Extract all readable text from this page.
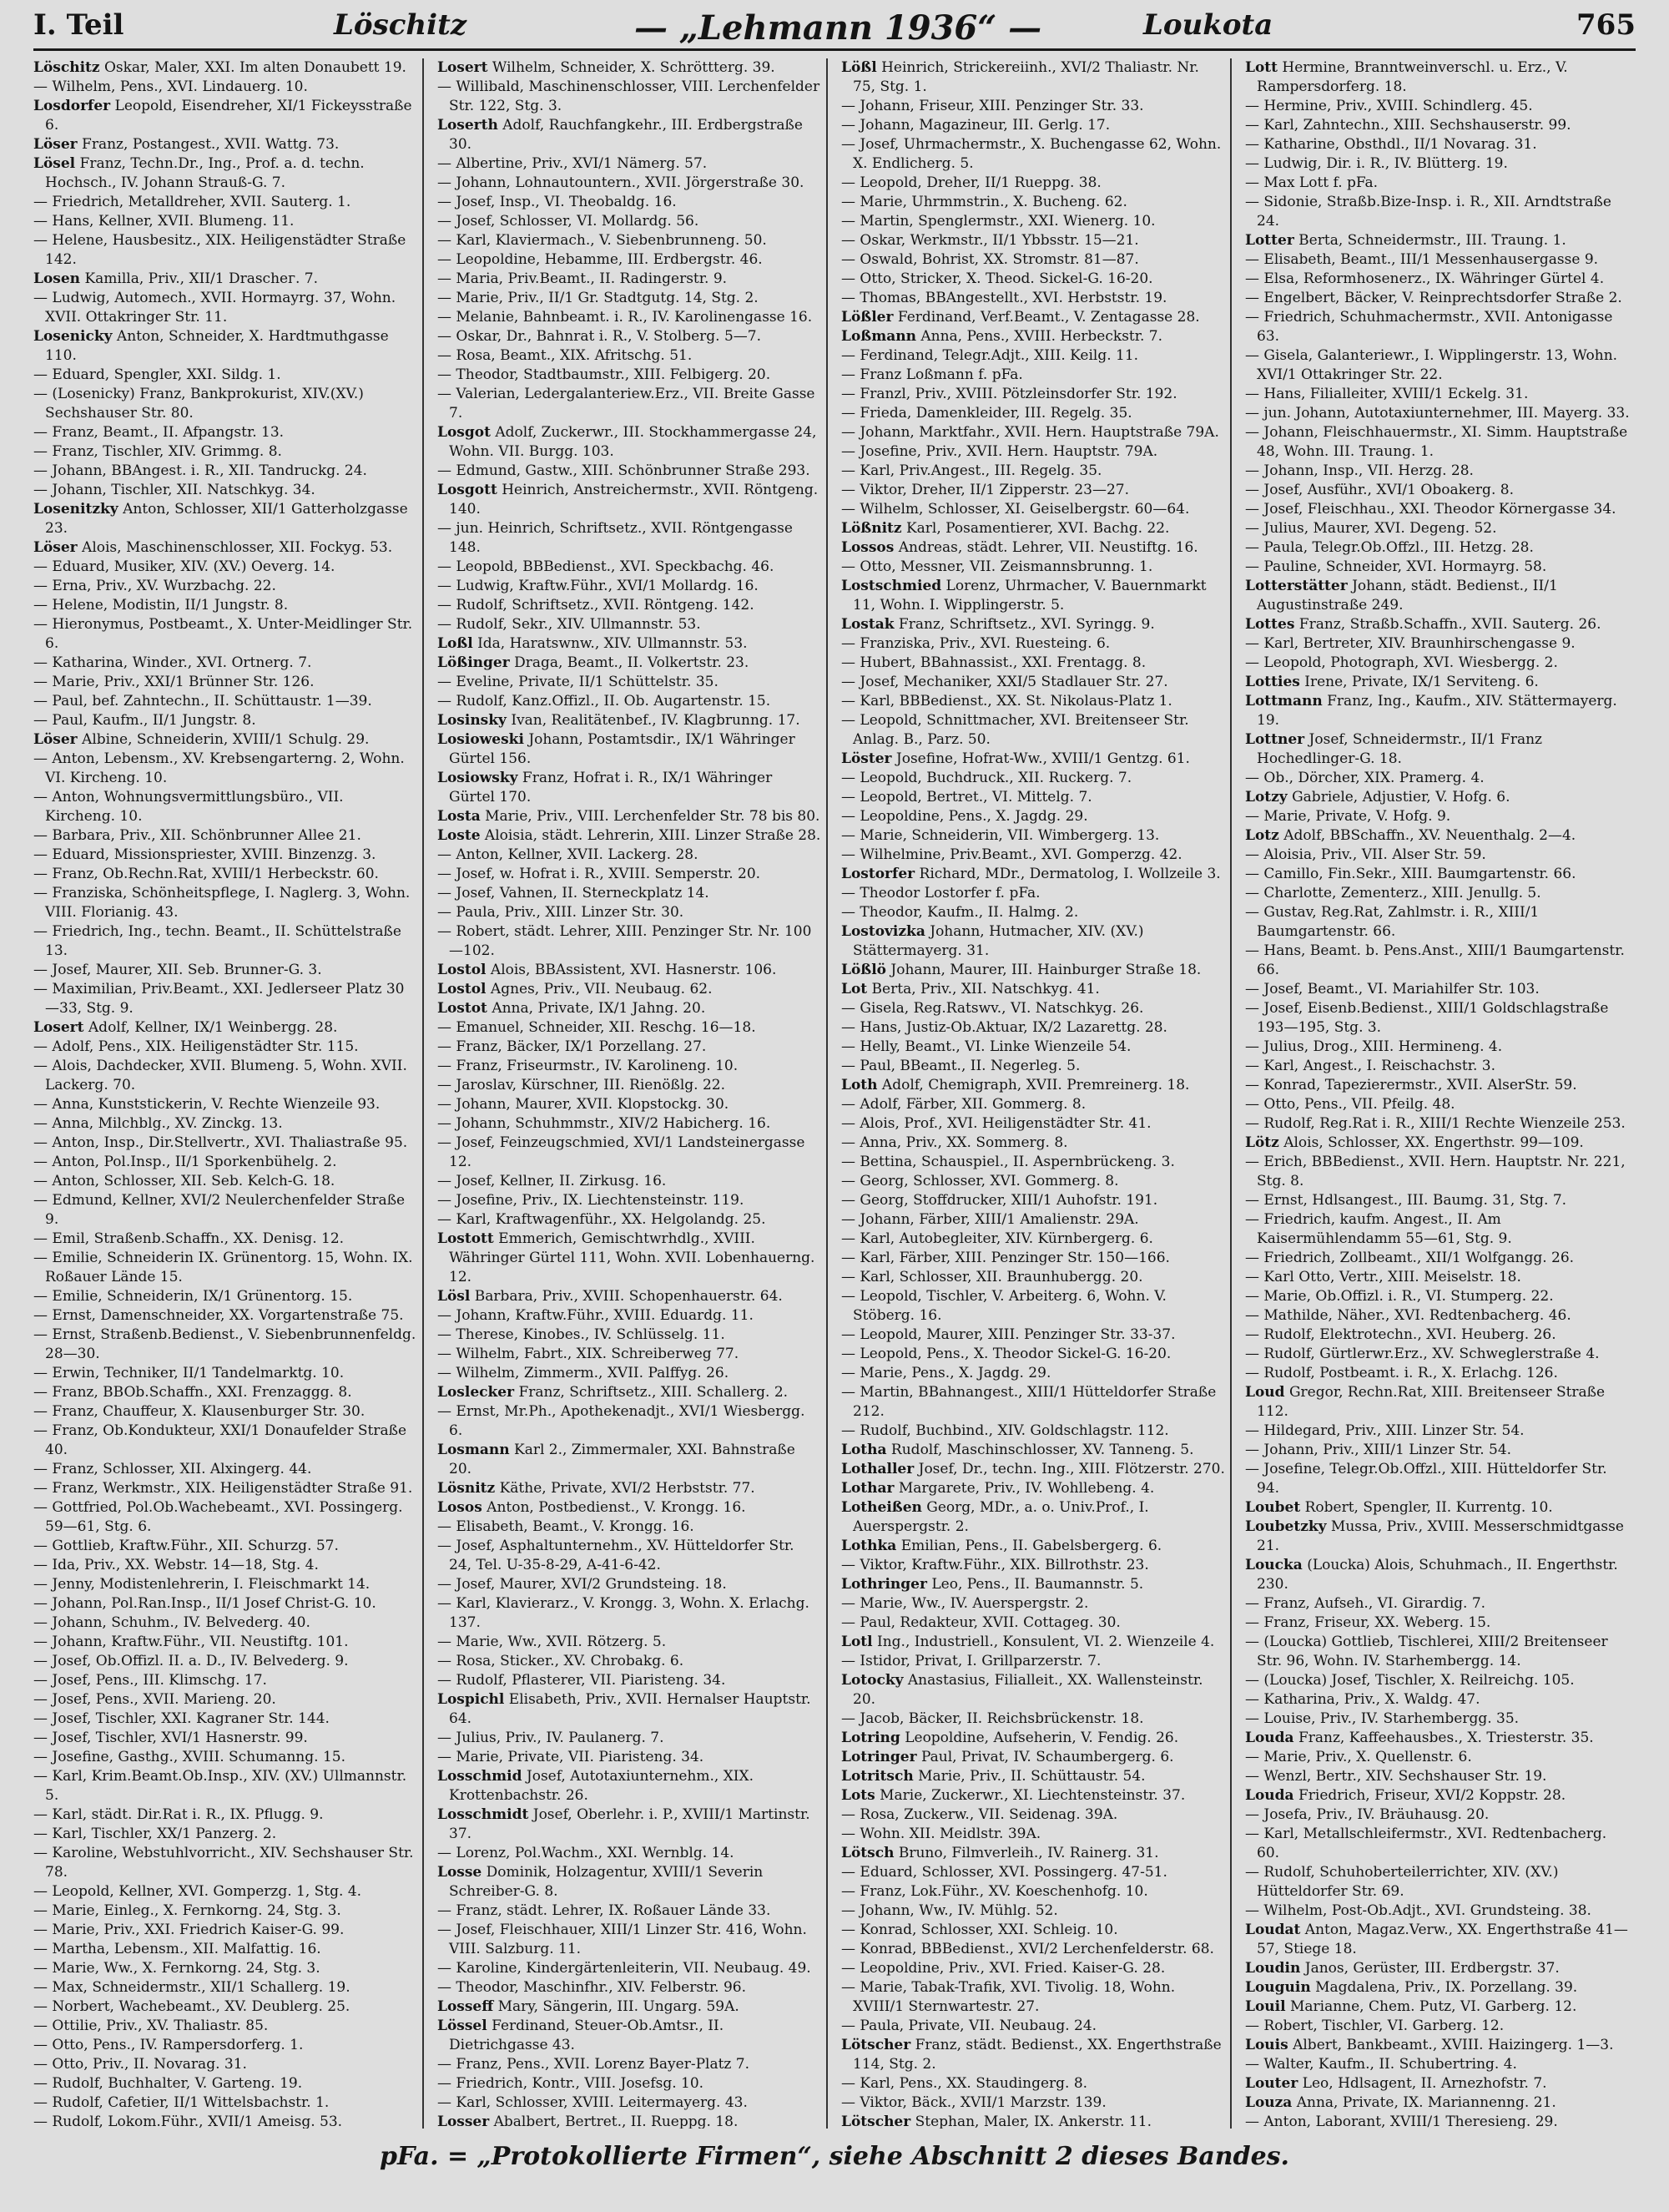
I. Teil	Löschitz	— „Lehmann 1936“ —	Loukota	765

Löschitz Oskar, Maler, XXI. Im alten Donaubett 19.

— Wilhelm, Pens., XVI. Lindauerg. 10.

Losdorfer Leopold, Eisendreher, XI/1 Fickeysstraße 6.

Löser Franz, Postangest., XVII. Wattg. 73.

Lösel Franz, Techn.Dr., Ing., Prof. a. d. techn. Hochsch., IV. Johann Strauß-G. 7.

— Friedrich, Metalldreher, XVII. Sauterg. 1.

— Hans, Kellner, XVII. Blumeng. 11.

— Helene, Hausbesitz., XIX. Heiligenstädter Straße 142.

Losen Kamilla, Priv., XII/1 Draschег. 7.

— Ludwig, Automech., XVII. Hormayrg. 37, Wohn. XVII. Ottakringer Str. 11.

Losenicky Anton, Schneider, X. Hardtmuthgasse 110.

— Eduard, Spengler, XXI. Sildg. 1.

— (Losenicky) Franz, Bankprokurist, XIV.(XV.) Sechshauser Str. 80.

— Franz, Beamt., II. Afpangstr. 13.

— Franz, Tischler, XIV. Grimmg. 8.

— Johann, BBAngest. i. R., XII. Tandruckg. 24.

— Johann, Tischler, XII. Natschkyg. 34.

Losenitzky Anton, Schlosser, XII/1 Gatterholzgasse 23.

Löser Alois, Maschinenschlosser, XII. Fockyg. 53.

— Eduard, Musiker, XIV. (XV.) Oeverg. 14.

— Erna, Priv., XV. Wurzbachg. 22.

— Helene, Modistin, II/1 Jungstr. 8.

— Hieronymus, Postbeamt., X. Unter-Meidlinger Str. 6.

— Katharina, Winder., XVI. Ortnerg. 7.

— Marie, Priv., XXI/1 Brünner Str. 126.

— Paul, bef. Zahntechn., II. Schüttaustr. 1—39.

— Paul, Kaufm., II/1 Jungstr. 8.

Löser Albine, Schneiderin, XVIII/1 Schulg. 29.

— Anton, Lebensm., XV. Krebsengarterng. 2, Wohn. VI. Kirchеng. 10.

— Anton, Wohnungsvermittlungsbüro., VII. Kircheng. 10.

— Barbara, Priv., XII. Schönbrunner Allee 21.

— Eduard, Missionspriester, XVIII. Binzenzg. 3.

— Franz, Ob.Rechn.Rat, XVIII/1 Herbeckstr. 60.

— Franziska, Schönheitspflege, I. Naglerg. 3, Wohn. VIII. Florianig. 43.

— Friedrich, Ing., techn. Beamt., II. Schüttelstraße 13.

— Josef, Maurer, XII. Seb. Brunner-G. 3.

— Maximilian, Priv.Beamt., XXI. Jedlerseer Platz 30—33, Stg. 9.

Losert Adolf, Kellner, IX/1 Weinbergg. 28.

— Adolf, Pens., XIX. Heiligenstädter Str. 115.

— Alois, Dachdecker, XVII. Blumeng. 5, Wohn. XVII. Lackerg. 70.

— Anna, Kunststickerin, V. Rechte Wienzeile 93.

— Anna, Milchblg., XV. Zinckg. 13.

— Anton, Insp., Dir.Stellvertr., XVI. Thaliastraße 95.

— Anton, Pol.Insp., II/1 Sporkenbühelg. 2.

— Anton, Schlosser, XII. Seb. Kelch-G. 18.

— Edmund, Kellner, XVI/2 Neulerchenfelder Straße 9.

— Emil, Straßenb.Schaffn., XX. Denisg. 12.

— Emilie, Schneiderin IX. Grünentorg. 15, Wohn. IX. Roßauer Lände 15.

— Emilie, Schneiderin, IX/1 Grünentorg. 15.

— Ernst, Damenschneider, XX. Vorgartenstraße 75.

— Ernst, Straßenb.Bedienst., V. Siebenbrunnenfeldg. 28—30.

— Erwin, Techniker, II/1 Tandelmarktg. 10.

— Franz, BBOb.Schaffn., XXI. Frenzaggg. 8.

— Franz, Chauffeur, X. Klausenburger Str. 30.

— Franz, Ob.Kondukteur, XXI/1 Donaufelder Straße 40.

— Franz, Schlosser, XII. Alxingerg. 44.

— Franz, Werkmstr., XIX. Heiligenstädter Straße 91.

— Gottfried, Pol.Ob.Wachebeamt., XVI. Possingerg. 59—61, Stg. 6.

— Gottlieb, Kraftw.Führ., XII. Schurzg. 57.

— Ida, Priv., XX. Webstr. 14—18, Stg. 4.

— Jenny, Modistenlehrerin, I. Fleischmarkt 14.

— Johann, Pol.Ran.Insp., II/1 Josef Christ-G. 10.

— Johann, Schuhm., IV. Belvederg. 40.

— Johann, Kraftw.Führ., VII. Neustiftg. 101.

— Josef, Ob.Offizl. II. a. D., IV. Belvederg. 9.

— Josef, Pens., III. Klimschg. 17.

— Josef, Pens., XVII. Marieng. 20.

— Josef, Tischler, XXI. Kagraner Str. 144.

— Josef, Tischler, XVI/1 Hasnerstr. 99.

— Josefine, Gasthg., XVIII. Schumanng. 15.

— Karl, Krim.Beamt.Ob.Insp., XIV. (XV.) Ullmannstr. 5.

— Karl, städt. Dir.Rat i. R., IX. Pflugg. 9.

— Karl, Tischler, XX/1 Panzerg. 2.

— Karoline, Webstuhlvorricht., XIV. Sechshauser Str. 78.

— Leopold, Kellner, XVI. Gomperzg. 1, Stg. 4.

— Marie, Einleg., X. Fernkorng. 24, Stg. 3.

— Marie, Priv., XXI. Friedrich Kaiser-G. 99.

— Martha, Lebensm., XII. Malfattig. 16.

— Marie, Ww., X. Fernkorng. 24, Stg. 3.

— Max, Schneidermstr., XII/1 Schallerg. 19.

— Norbert, Wachebeamt., XV. Deublerg. 25.

— Ottilie, Priv., XV. Thaliastr. 85.

— Otto, Pens., IV. Rampersdorferg. 1.

— Otto, Priv., II. Novarag. 31.

— Rudolf, Buchhalter, V. Garteng. 19.

— Rudolf, Cafetier, II/1 Wittelsbachstr. 1.

— Rudolf, Lokom.Führ., XVII/1 Ameisg. 53.

Losert Wilhelm, Schneider, X. Schröttterg. 39.

— Willibald, Maschinenschlosser, VIII. Lerchenfelder Str. 122, Stg. 3.

Loserth Adolf, Rauchfangkehr., III. Erdbergstraße 30.

— Albertine, Priv., XVI/1 Nämerg. 57.

— Johann, Lohnautountern., XVII. Jörgerstraße 30.

— Josef, Insp., VI. Theobaldg. 16.

— Josef, Schlosser, VI. Mollardg. 56.

— Karl, Klaviermach., V. Siebenbrunneng. 50.

— Leopoldine, Hebamme, III. Erdbergstr. 46.

— Maria, Priv.Beamt., II. Radingerstr. 9.

— Marie, Priv., II/1 Gr. Stadtgutg. 14, Stg. 2.

— Melanie, Bahnbeamt. i. R., IV. Karolinengasse 16.

— Oskar, Dr., Bahnrat i. R., V. Stolberg. 5—7.

— Rosa, Beamt., XIX. Afritschg. 51.

— Theodor, Stadtbaumstr., XIII. Felbigerg. 20.

— Valerian, Ledergalanteriew.Erz., VII. Breite Gasse 7.

Losgot Adolf, Zuckerwr., III. Stockhammergasse 24, Wohn. VII. Burgg. 103.

— Edmund, Gastw., XIII. Schönbrunner Straße 293.

Losgott Heinrich, Anstreichermstr., XVII. Röntgeng. 140.

— jun. Heinrich, Schriftsetz., XVII. Röntgengasse 148.

— Leopold, BBBedienst., XVI. Speckbachg. 46.

— Ludwig, Kraftw.Führ., XVI/1 Mollardg. 16.

— Rudolf, Schriftsetz., XVII. Röntgeng. 142.

— Rudolf, Sekr., XIV. Ullmannstr. 53.

Loßl Ida, Haratswnw., XIV. Ullmannstr. 53.

Lößinger Draga, Beamt., II. Volkertstr. 23.

— Eveline, Private, II/1 Schüttelstr. 35.

— Rudolf, Kanz.Offizl., II. Ob. Augartenstr. 15.

Losinsky Ivan, Realitätenbef., IV. Klagbrunng. 17.

Losioweski Johann, Postamtsdir., IX/1 Währinger Gürtel 156.

Losiowsky Franz, Hofrat i. R., IX/1 Währinger Gürtel 170.

Losta Marie, Priv., VIII. Lerchenfelder Str. 78 bis 80.

Loste Aloisia, städt. Lehrerin, XIII. Linzer Straße 28.

— Anton, Kellner, XVII. Lackerg. 28.

— Josef, w. Hofrat i. R., XVIII. Semperstr. 20.

— Josef, Vahnen, II. Sterneckplatz 14.

— Paula, Priv., XIII. Linzer Str. 30.

— Robert, städt. Lehrer, XIII. Penzinger Str. Nr. 100—102.

Lostol Alois, BBAssistent, XVI. Hasnerstr. 106.

Lostol Agnes, Priv., VII. Neubaug. 62.

Lostot Anna, Private, IX/1 Jahng. 20.

— Emanuel, Schneider, XII. Reschg. 16—18.

— Franz, Bäcker, IX/1 Porzellang. 27.

— Franz, Friseurmstr., IV. Karolineng. 10.

— Jaroslav, Kürschner, III. Rienößlg. 22.

— Johann, Maurer, XVII. Klopstockg. 30.

— Johann, Schuhmmstr., XIV/2 Habicherg. 16.

— Josef, Feinzeugschmied, XVI/1 Landsteinergasse 12.

— Josef, Kellner, II. Zirkusg. 16.

— Josefine, Priv., IX. Liechtensteinstr. 119.

— Karl, Kraftwagenführ., XX. Helgolandg. 25.

Lostott Emmerich, Gemischtwrhdlg., XVIII. Währinger Gürtel 111, Wohn. XVII. Lobenhauerng. 12.

Lösl Barbara, Priv., XVIII. Schopenhauerstr. 64.

— Johann, Kraftw.Führ., XVIII. Eduardg. 11.

— Therese, Kinobes., IV. Schlüsselg. 11.

— Wilhelm, Fabrt., XIX. Schreiberweg 77.

— Wilhelm, Zimmerm., XVII. Palffyg. 26.

Loslecker Franz, Schriftsetz., XIII. Schallerg. 2.

— Ernst, Mr.Ph., Apothekenadjt., XVI/1 Wiesbergg. 6.

Losmann Karl 2., Zimmermaler, XXI. Bahnstraße 20.

Lösnitz Käthe, Private, XVI/2 Herbststr. 77.

Losos Anton, Postbedienst., V. Krongg. 16.

— Elisabeth, Beamt., V. Krongg. 16.

— Josef, Asphaltunternehm., XV. Hütteldorfer Str. 24, Tel. U-35-8-29, A-41-6-42.

— Josef, Maurer, XVI/2 Grundsteing. 18.

— Karl, Klavierarz., V. Krongg. 3, Wohn. X. Erlachg. 137.

— Marie, Ww., XVII. Rötzerg. 5.

— Rosa, Sticker., XV. Chrobakg. 6.

— Rudolf, Pflasterer, VII. Piaristeng. 34.

Lospichl Elisabeth, Priv., XVII. Hernalser Hauptstr. 64.

— Julius, Priv., IV. Paulanerg. 7.

— Marie, Private, VII. Piaristeng. 34.

Losschmid Josef, Autotaxiunternehm., XIX. Krottenbachstr. 26.

Losschmidt Josef, Oberlehr. i. P., XVIII/1 Martinstr. 37.

— Lorenz, Pol.Wachm., XXI. Wernblg. 14.

Losse Dominik, Holzagentur, XVIII/1 Severin Schreiber-G. 8.

— Franz, städt. Lehrer, IX. Roßauer Lände 33.

— Josef, Fleischhauer, XIII/1 Linzer Str. 416, Wohn. VIII. Salzburg. 11.

— Karoline, Kindergärtenleiterin, VII. Neubaug. 49.

— Theodor, Maschinfhr., XIV. Felberstr. 96.

Losseff Mary, Sängerin, III. Ungarg. 59A.

Lössel Ferdinand, Steuer-Ob.Amtsr., II. Dietrichgasse 43.

— Franz, Pens., XVII. Lorenz Bayer-Platz 7.

— Friedrich, Kontr., VIII. Josefsg. 10.

— Karl, Schlosser, XVIII. Leitermayerg. 43.

Losser Abalbert, Bertret., II. Rueppg. 18.

Lößl Heinrich, Strickereiinh., XVI/2 Thaliastr. Nr. 75, Stg. 1.

— Johann, Friseur, XIII. Penzinger Str. 33.

— Johann, Magazineur, III. Gerlg. 17.

— Josef, Uhrmachermstr., X. Buchengasse 62, Wohn. X. Endlicherg. 5.

— Leopold, Dreher, II/1 Rueppg. 38.

— Marie, Uhrmmstrin., X. Bucheng. 62.

— Martin, Spenglermstr., XXI. Wienerg. 10.

— Oskar, Werkmstr., II/1 Ybbsstr. 15—21.

— Oswald, Bohrist, XX. Stromstr. 81—87.

— Otto, Stricker, X. Theod. Sickel-G. 16-20.

— Thomas, BBAngestellt., XVI. Herbststr. 19.

Lößler Ferdinand, Verf.Beamt., V. Zentagasse 28.

Loßmann Anna, Pens., XVIII. Herbeckstr. 7.

— Ferdinand, Telegr.Adjt., XIII. Keilg. 11.

— Franz Loßmann f. pFa.

— Franzl, Priv., XVIII. Pötzleinsdorfer Str. 192.

— Frieda, Damenkleider, III. Regelg. 35.

— Johann, Marktfahr., XVII. Hern. Hauptstraße 79A.

— Josefine, Priv., XVII. Hern. Hauptstr. 79A.

— Karl, Priv.Angest., III. Regelg. 35.

— Viktor, Dreher, II/1 Zipperstr. 23—27.

— Wilhelm, Schlosser, XI. Geiselbergstr. 60—64.

Lößnitz Karl, Posamentierer, XVI. Bachg. 22.

Lossos Andreas, städt. Lehrer, VII. Neustiftg. 16.

— Otto, Messner, VII. Zeismannsbrunng. 1.

Lostschmied Lorenz, Uhrmacher, V. Bauernmarkt 11, Wohn. I. Wipplingerstr. 5.

Lostak Franz, Schriftsetz., XVI. Syringg. 9.

— Franziska, Priv., XVI. Ruesteing. 6.

— Hubert, BBahnassist., XXI. Frentagg. 8.

— Josef, Mechaniker, XXI/5 Stadlauer Str. 27.

— Karl, BBBedienst., XX. St. Nikolaus-Platz 1.

— Leopold, Schnittmacher, XVI. Breitenseer Str. Anlag. B., Parz. 50.

Löster Josefine, Hofrat-Ww., XVIII/1 Gentzg. 61.

— Leopold, Buchdruck., XII. Ruckerg. 7.

— Leopold, Bertret., VI. Mittelg. 7.

— Leopoldine, Pens., X. Jagdg. 29.

— Marie, Schneiderin, VII. Wimbergerg. 13.

— Wilhelmine, Priv.Beamt., XVI. Gomperzg. 42.

Lostorfer Richard, MDr., Dermatolog, I. Wollzeile 3.

— Theodor Lostorfer f. pFa.

— Theodor, Kaufm., II. Halmg. 2.

Lostovizka Johann, Hutmacher, XIV. (XV.) Stättermayerg. 31.

Lößlö Johann, Maurer, III. Hainburger Straße 18.

Lot Berta, Priv., XII. Natschkyg. 41.

— Gisela, Reg.Ratswv., VI. Natschkyg. 26.

— Hans, Justiz-Ob.Aktuar, IX/2 Lazarettg. 28.

— Helly, Beamt., VI. Linke Wienzeile 54.

— Paul, BBeamt., II. Negerleg. 5.

Loth Adolf, Chemigraph, XVII. Premreinerg. 18.

— Adolf, Färber, XII. Gommerg. 8.

— Alois, Prof., XVI. Heiligenstädter Str. 41.

— Anna, Priv., XX. Sommerg. 8.

— Bettina, Schauspiel., II. Aspernbrückeng. 3.

— Georg, Schlosser, XVI. Gommerg. 8.

— Georg, Stoffdrucker, XIII/1 Auhofstr. 191.

— Johann, Färber, XIII/1 Amalienstr. 29A.

— Karl, Autobegleiter, XIV. Kürnbergerg. 6.

— Karl, Färber, XIII. Penzinger Str. 150—166.

— Karl, Schlosser, XII. Braunhubergg. 20.

— Leopold, Tischler, V. Arbeiterg. 6, Wohn. V. Stöberg. 16.

— Leopold, Maurer, XIII. Penzinger Str. 33-37.

— Leopold, Pens., X. Theodor Sickel-G. 16-20.

— Marie, Pens., X. Jagdg. 29.

— Martin, BBahnangest., XIII/1 Hütteldorfer Straße 212.

— Rudolf, Buchbind., XIV. Goldschlagstr. 112.

Lotha Rudolf, Maschinschlosser, XV. Tanneng. 5.

Lothaller Josef, Dr., techn. Ing., XIII. Flötzerstr. 270.

Lothar Margarete, Priv., IV. Wohllebeng. 4.

Lotheißen Georg, MDr., a. o. Univ.Prof., I. Auerspergstr. 2.

Lothka Emilian, Pens., II. Gabelsbergerg. 6.

— Viktor, Kraftw.Führ., XIX. Billrothstr. 23.

Lothringer Leo, Pens., II. Baumannstr. 5.

— Marie, Ww., IV. Auerspergstr. 2.

— Paul, Redakteur, XVII. Cottageg. 30.

Lotl Ing., Industriell., Konsulent, VI. 2. Wienzeile 4.

— Istidor, Privat, I. Grillparzerstr. 7.

Lotocky Anastasius, Filialleit., XX. Wallensteinstr. 20.

— Jacob, Bäcker, II. Reichsbrückenstr. 18.

Lotring Leopoldine, Aufseherin, V. Fendig. 26.

Lotringer Paul, Privat, IV. Schaumbergerg. 6.

Lotritsch Marie, Priv., II. Schüttaustr. 54.

Lots Marie, Zuckerwr., XI. Liechtensteinstr. 37.

— Rosa, Zuckerw., VII. Seidenag. 39A.

— Wohn. XII. Meidlstr. 39A.

Lötsch Bruno, Filmverleih., IV. Rainerg. 31.

— Eduard, Schlosser, XVI. Possingerg. 47-51.

— Franz, Lok.Führ., XV. Koeschenhofg. 10.

— Johann, Ww., IV. Mühlg. 52.

— Konrad, Schlosser, XXI. Schleig. 10.

— Konrad, BBBedienst., XVI/2 Lerchenfelderstr. 68.

— Leopoldine, Priv., XVI. Fried. Kaiser-G. 28.

— Marie, Tabak-Trafik, XVI. Tivolig. 18, Wohn. XVIII/1 Sternwartestr. 27.

— Paula, Private, VII. Neubaug. 24.

Lötscher Franz, städt. Bedienst., XX. Engerthstraße 114, Stg. 2.

— Karl, Pens., XX. Staudingerg. 8.

— Viktor, Bäck., XVII/1 Marzstr. 139.

Lötscher Stephan, Maler, IX. Ankerstr. 11.

Lott Hermine, Branntweinverschl. u. Erz., V. Rampersdorferg. 18.

— Hermine, Priv., XVIII. Schindlerg. 45.

— Karl, Zahntechn., XIII. Sechshauserstr. 99.

— Katharine, Obsthdl., II/1 Novarag. 31.

— Ludwig, Dir. i. R., IV. Blütterg. 19.

— Max Lott f. pFa.

— Sidonie, Straßb.Bize-Insp. i. R., XII. Arndtstraße 24.

Lotter Berta, Schneidermstr., III. Traung. 1.

— Elisabeth, Beamt., III/1 Messenhausergasse 9.

— Elsa, Reformhosenerz., IX. Währinger Gürtel 4.

— Engelbert, Bäcker, V. Reinprechtsdorfer Straße 2.

— Friedrich, Schuhmachermstr., XVII. Antonigasse 63.

— Gisela, Galanteriewr., I. Wipplingerstr. 13, Wohn. XVI/1 Ottakringer Str. 22.

— Hans, Filialleiter, XVIII/1 Eckelg. 31.

— jun. Johann, Autotaxiunternehmer, III. Mayerg. 33.

— Johann, Fleischhauermstr., XI. Simm. Hauptstraße 48, Wohn. III. Traung. 1.

— Johann, Insp., VII. Herzg. 28.

— Josef, Ausführ., XVI/1 Oboakerg. 8.

— Josef, Fleischhau., XXI. Theodor Körnergasse 34.

— Julius, Maurer, XVI. Degeng. 52.

— Paula, Telegr.Ob.Offzl., III. Hetzg. 28.

— Pauline, Schneider, XVI. Hormayrg. 58.

Lotterstätter Johann, städt. Bedienst., II/1 Augustinstraße 249.

Lottes Franz, Straßb.Schaffn., XVII. Sauterg. 26.

— Karl, Bertreter, XIV. Braunhirschengasse 9.

— Leopold, Photograph, XVI. Wiesbergg. 2.

Lotties Irene, Private, IX/1 Serviteng. 6.

Lottmann Franz, Ing., Kaufm., XIV. Stättermayerg. 19.

Lottner Josef, Schneidermstr., II/1 Franz Hochedlinger-G. 18.

— Ob., Dörcher, XIX. Pramerg. 4.

Lotzy Gabriele, Adjustier, V. Hofg. 6.

— Marie, Private, V. Hofg. 9.

Lotz Adolf, BBSchaffn., XV. Neuenthalg. 2—4.

— Aloisia, Priv., VII. Alser Str. 59.

— Camillo, Fin.Sekr., XIII. Baumgartenstr. 66.

— Charlotte, Zementerz., XIII. Jenullg. 5.

— Gustav, Reg.Rat, Zahlmstr. i. R., XIII/1 Baumgartenstr. 66.

— Hans, Beamt. b. Pens.Anst., XIII/1 Baumgartenstr. 66.

— Josef, Beamt., VI. Mariahilfer Str. 103.

— Josef, Eisenb.Bedienst., XIII/1 Goldschlagstraße 193—195, Stg. 3.

— Julius, Drog., XIII. Hermineng. 4.

— Karl, Angest., I. Reischachstr. 3.

— Konrad, Tapezierermstr., XVII. AlserStr. 59.

— Otto, Pens., VII. Pfeilg. 48.

— Rudolf, Reg.Rat i. R., XIII/1 Rechte Wienzeile 253.

Lötz Alois, Schlosser, XX. Engerthstr. 99—109.

— Erich, BBBedienst., XVII. Hern. Hauptstr. Nr. 221, Stg. 8.

— Ernst, Hdlsangest., III. Baumg. 31, Stg. 7.

— Friedrich, kaufm. Angest., II. Am Kaisermühlendamm 55—61, Stg. 9.

— Friedrich, Zollbeamt., XII/1 Wolfgangg. 26.

— Karl Otto, Vertr., XIII. Meiselstr. 18.

— Marie, Ob.Offizl. i. R., VI. Stumperg. 22.

— Mathilde, Näher., XVI. Redtenbacherg. 46.

— Rudolf, Elektrotechn., XVI. Heuberg. 26.

— Rudolf, Gürtlerwr.Erz., XV. Schweglerstraße 4.

— Rudolf, Postbeamt. i. R., X. Erlachg. 126.

Loud Gregor, Rechn.Rat, XIII. Breitenseer Straße 112.

— Hildegard, Priv., XIII. Linzer Str. 54.

— Johann, Priv., XIII/1 Linzer Str. 54.

— Josefine, Telegr.Ob.Offzl., XIII. Hütteldorfer Str. 94.

Loubet Robert, Spengler, II. Kurrentg. 10.

Loubetzky Mussa, Priv., XVIII. Messerschmidtgasse 21.

Loucka (Loucka) Alois, Schuhmach., II. Engerthstr. 230.

— Franz, Aufseh., VI. Girardig. 7.

— Franz, Friseur, XX. Weberg. 15.

— (Loucka) Gottlieb, Tischlerei, XIII/2 Breitenseer Str. 96, Wohn. IV. Starhembergg. 14.

— (Loucka) Josef, Tischler, X. Reilreichg. 105.

— Katharina, Priv., X. Waldg. 47.

— Louise, Priv., IV. Starhembergg. 35.

Louda Franz, Kaffeehausbes., X. Triesterstr. 35.

— Marie, Priv., X. Quellenstr. 6.

— Wenzl, Bertr., XIV. Sechshauser Str. 19.

Louda Friedrich, Friseur, XVI/2 Koppstr. 28.

— Josefa, Priv., IV. Bräuhausg. 20.

— Karl, Metallschleifermstr., XVI. Redtenbacherg. 60.

— Rudolf, Schuhoberteilerrichter, XIV. (XV.) Hütteldorfer Str. 69.

— Wilhelm, Post-Ob.Adjt., XVI. Grundsteing. 38.

Loudat Anton, Magaz.Verw., XX. Engerthstraße 41—57, Stiege 18.

Loudin Janos, Gerüster, III. Erdbergstr. 37.

Louguin Magdalena, Priv., IX. Porzellang. 39.

Louil Marianne, Chem. Putz, VI. Garberg. 12.

— Robert, Tischler, VI. Garberg. 12.

Louis Albert, Bankbeamt., XVIII. Haizingerg. 1—3.

— Walter, Kaufm., II. Schubertring. 4.

Louter Leo, Hdlsagent, II. Arnezhofstr. 7.

Louza Anna, Private, IX. Mariannenng. 21.

— Anton, Laborant, XVIII/1 Theresieng. 29.

pFa. = „Protokollierte Firmen“, siehe Abschnitt 2 dieses Bandes.
